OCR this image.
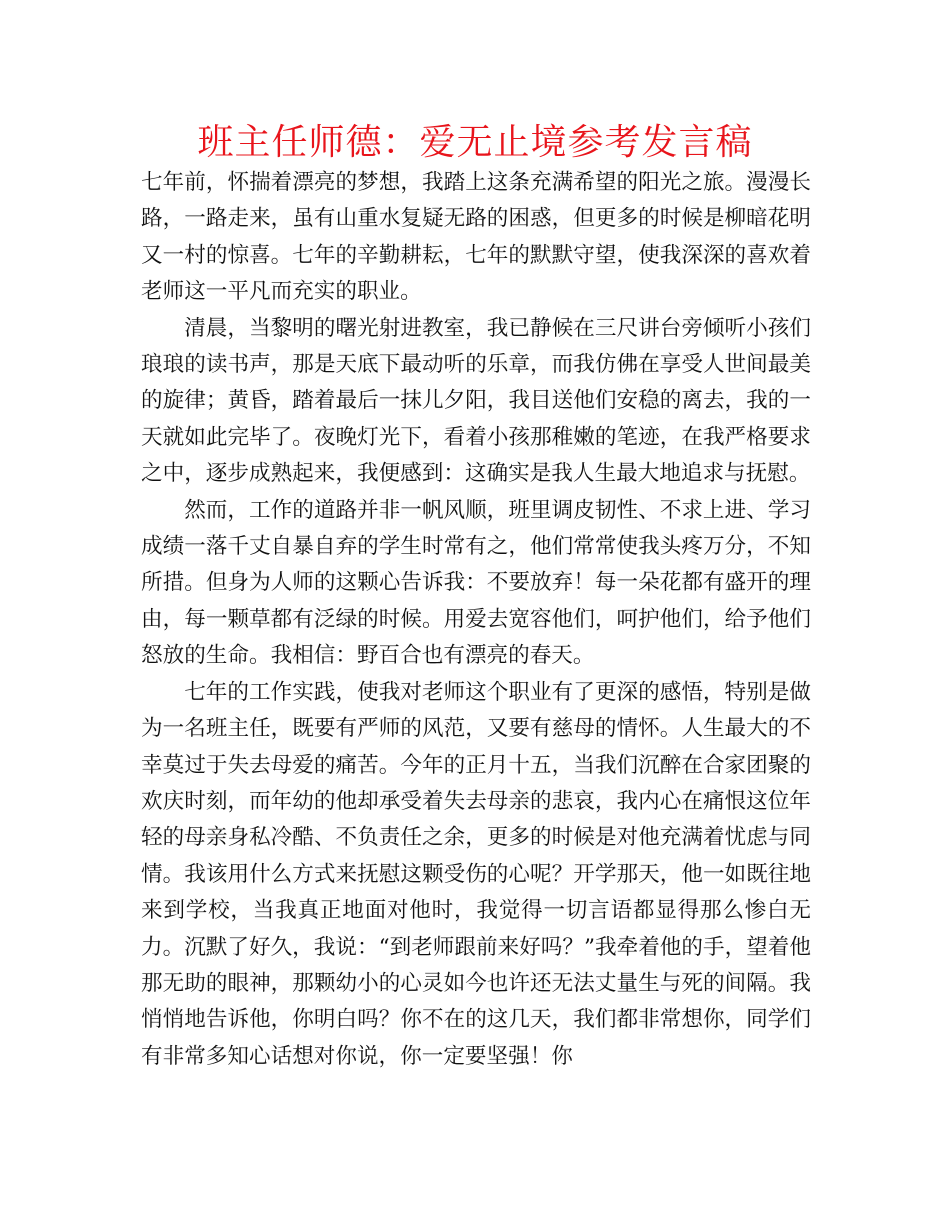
班主任师德：爱无止境参考发言稿

七年前，怀揣着漂亮的梦想，我踏上这条充满希望的阳光之旅。漫漫长路，一路走来，虽有山重水复疑无路的困惑，但更多的时候是柳暗花明又一村的惊喜。七年的辛勤耕耘，七年的默默守望，使我深深的喜欢着老师这一平凡而充实的职业。

清晨，当黎明的曙光射进教室，我已静候在三尺讲台旁倾听小孩们琅琅的读书声，那是天底下最动听的乐章，而我仿佛在享受人世间最美的旋律；黄昏，踏着最后一抹儿夕阳，我目送他们安稳的离去，我的一天就如此完毕了。夜晚灯光下，看着小孩那稚嫩的笔迹，在我严格要求之中，逐步成熟起来，我便感到：这确实是我人生最大地追求与抚慰。

然而，工作的道路并非一帆风顺，班里调皮韧性、不求上进、学习成绩一落千丈自暴自弃的学生时常有之，他们常常使我头疼万分，不知所措。但身为人师的这颗心告诉我：不要放弃！每一朵花都有盛开的理由，每一颗草都有泛绿的时候。用爱去宽容他们，呵护他们，给予他们怒放的生命。我相信：野百合也有漂亮的春天。

七年的工作实践，使我对老师这个职业有了更深的感悟，特别是做为一名班主任，既要有严师的风范，又要有慈母的情怀。人生最大的不幸莫过于失去母爱的痛苦。今年的正月十五，当我们沉醉在合家团聚的欢庆时刻，而年幼的他却承受着失去母亲的悲哀，我内心在痛恨这位年轻的母亲身私冷酷、不负责任之余，更多的时候是对他充满着忧虑与同情。我该用什么方式来抚慰这颗受伤的心呢？开学那天，他一如既往地来到学校，当我真正地面对他时，我觉得一切言语都显得那么惨白无力。沉默了好久，我说：“到老师跟前来好吗？”我牵着他的手，望着他那无助的眼神，那颗幼小的心灵如今也许还无法丈量生与死的间隔。我悄悄地告诉他，你明白吗？你不在的这几天，我们都非常想你，同学们有非常多知心话想对你说，你一定要坚强！你
